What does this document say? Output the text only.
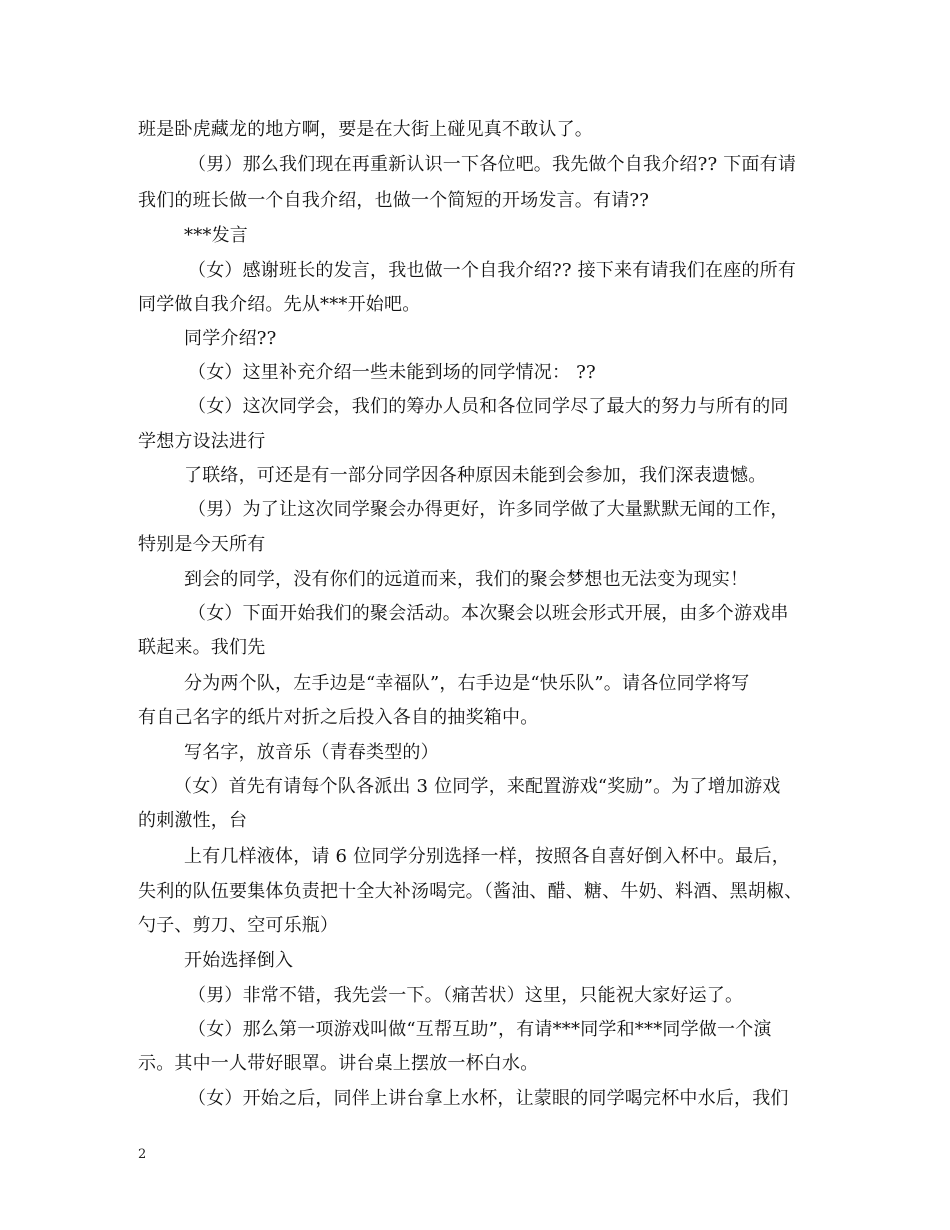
班是卧虎藏龙的地方啊，要是在大街上碰见真不敢认了。
（男）那么我们现在再重新认识一下各位吧。我先做个自我介绍?? 下面有请
我们的班长做一个自我介绍，也做一个简短的开场发言。有请??
***发言
（女）感谢班长的发言，我也做一个自我介绍?? 接下来有请我们在座的所有
同学做自我介绍。先从***开始吧。
同学介绍??
（女）这里补充介绍一些未能到场的同学情况： ??
（女）这次同学会，我们的筹办人员和各位同学尽了最大的努力与所有的同
学想方设法进行
了联络，可还是有一部分同学因各种原因未能到会参加，我们深表遗憾。
（男）为了让这次同学聚会办得更好，许多同学做了大量默默无闻的工作，
特别是今天所有
到会的同学，没有你们的远道而来，我们的聚会梦想也无法变为现实！
（女）下面开始我们的聚会活动。本次聚会以班会形式开展，由多个游戏串
联起来。我们先
分为两个队，左手边是“幸福队”，右手边是“快乐队”。请各位同学将写
有自己名字的纸片对折之后投入各自的抽奖箱中。
写名字，放音乐（青春类型的）
（女）首先有请每个队各派出 3 位同学，来配置游戏“奖励”。为了增加游戏
的刺激性，台
上有几样液体，请 6 位同学分别选择一样，按照各自喜好倒入杯中。最后，
失利的队伍要集体负责把十全大补汤喝完。（酱油、醋、糖、牛奶、料酒、黑胡椒、
勺子、剪刀、空可乐瓶）
开始选择倒入
（男）非常不错，我先尝一下。（痛苦状）这里，只能祝大家好运了。
（女）那么第一项游戏叫做“互帮互助”，有请***同学和***同学做一个演
示。其中一人带好眼罩。讲台桌上摆放一杯白水。
（女）开始之后，同伴上讲台拿上水杯，让蒙眼的同学喝完杯中水后，我们
2
